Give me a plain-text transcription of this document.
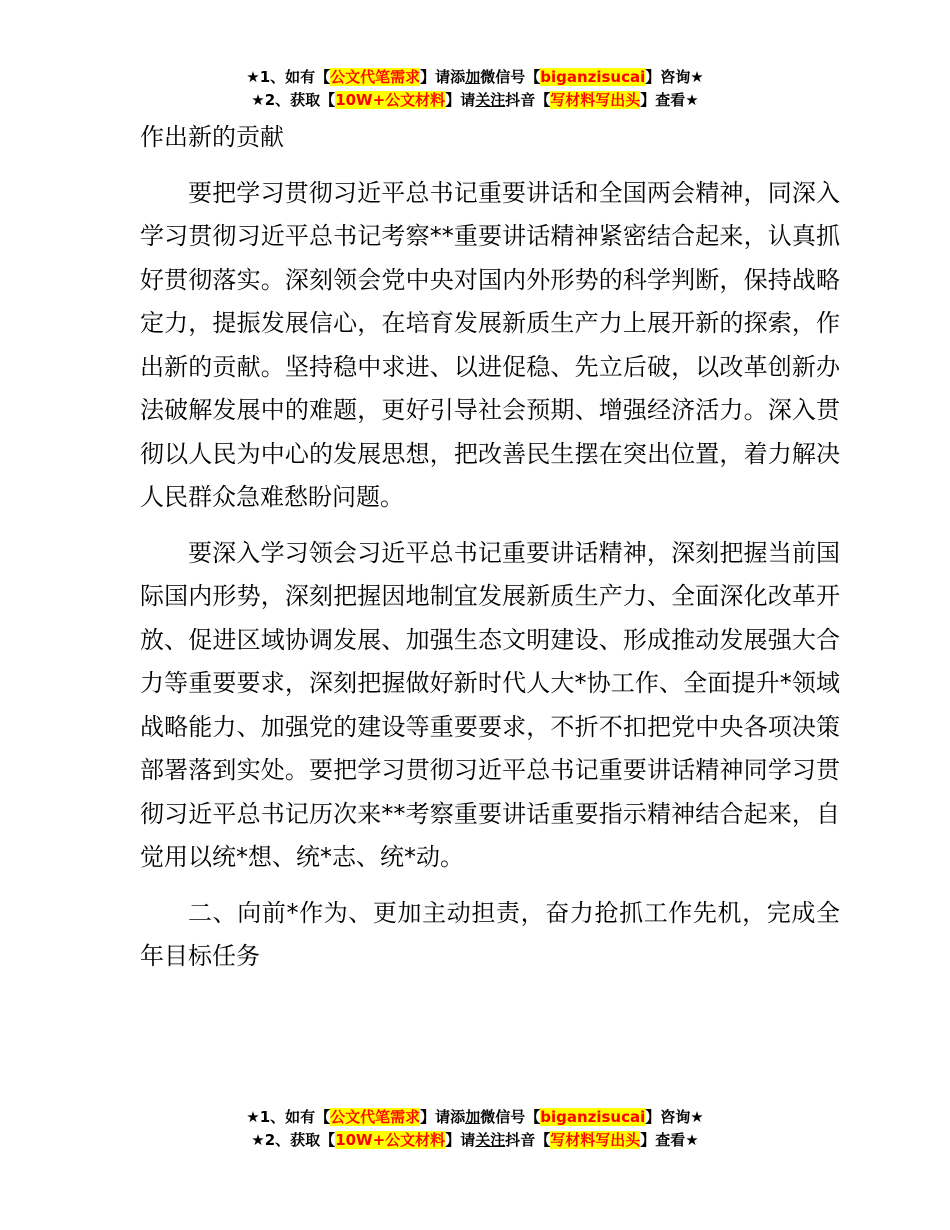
★1、如有【公文代笔需求】请添加微信号【biganzisucai】咨询★
★2、获取【10W+公文材料】请关注抖音【写材料写出头】查看★

作出新的贡献

要把学习贯彻习近平总书记重要讲话和全国两会精神，同深入学习贯彻习近平总书记考察**重要讲话精神紧密结合起来，认真抓好贯彻落实。深刻领会党中央对国内外形势的科学判断，保持战略定力，提振发展信心，在培育发展新质生产力上展开新的探索，作出新的贡献。坚持稳中求进、以进促稳、先立后破，以改革创新办法破解发展中的难题，更好引导社会预期、增强经济活力。深入贯彻以人民为中心的发展思想，把改善民生摆在突出位置，着力解决人民群众急难愁盼问题。

要深入学习领会习近平总书记重要讲话精神，深刻把握当前国际国内形势，深刻把握因地制宜发展新质生产力、全面深化改革开放、促进区域协调发展、加强生态文明建设、形成推动发展强大合力等重要要求，深刻把握做好新时代人大*协工作、全面提升*领域战略能力、加强党的建设等重要要求，不折不扣把党中央各项决策部署落到实处。要把学习贯彻习近平总书记重要讲话精神同学习贯彻习近平总书记历次来**考察重要讲话重要指示精神结合起来，自觉用以统*想、统*志、统*动。

二、向前*作为、更加主动担责，奋力抢抓工作先机，完成全年目标任务

★1、如有【公文代笔需求】请添加微信号【biganzisucai】咨询★
★2、获取【10W+公文材料】请关注抖音【写材料写出头】查看★
